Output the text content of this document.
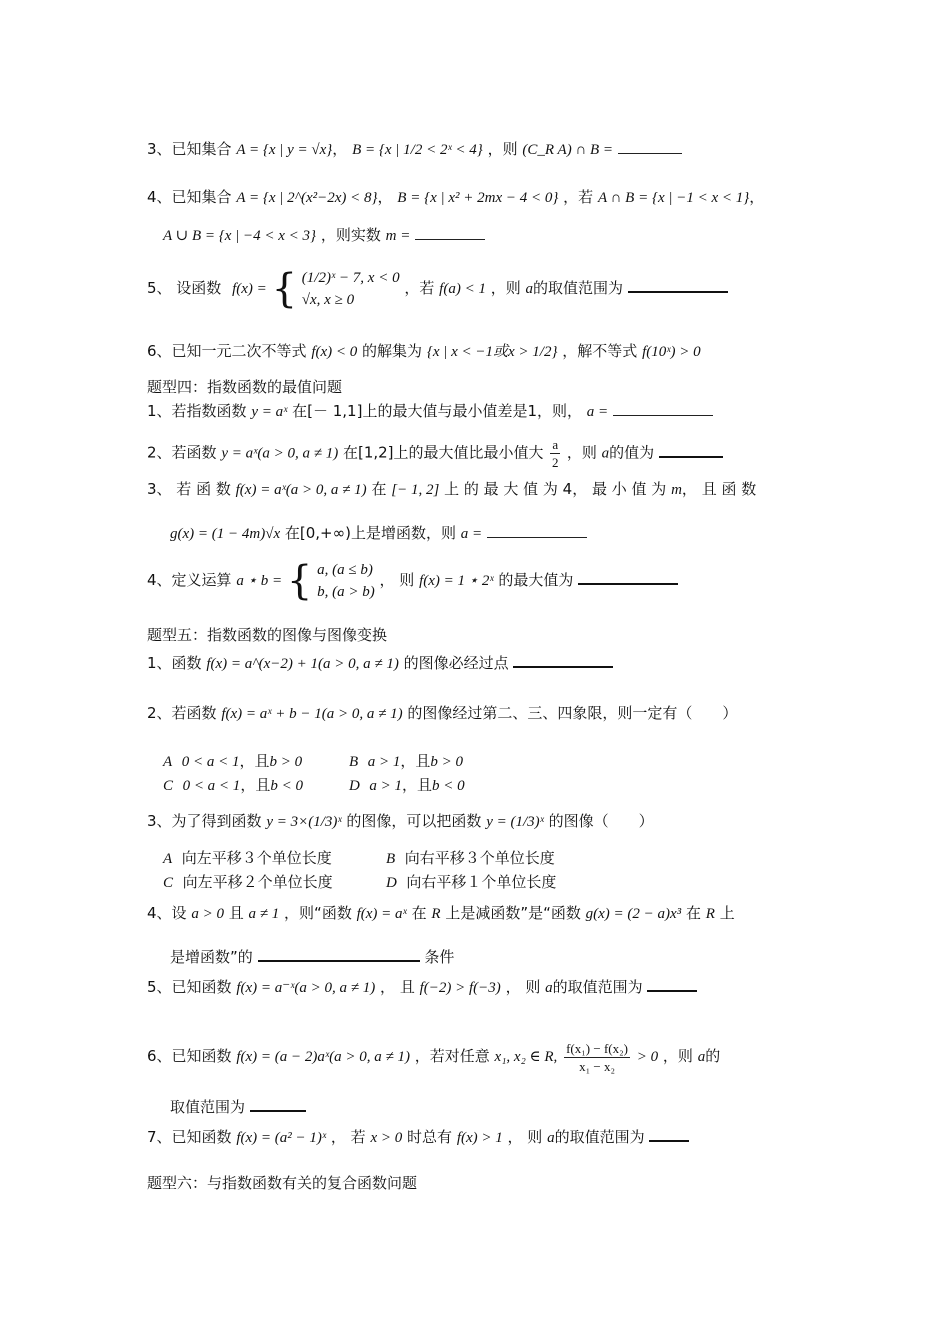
3、已知集合 A = {x | y = √x}， B = {x | 1/2 < 2ˣ < 4} ，则 (C_R A) ∩ B =
4、已知集合 A = {x | 2^(x²−2x) < 8}， B = {x | x² + 2mx − 4 < 0} ，若 A ∩ B = {x | −1 < x < 1}，
A ∪ B = {x | −4 < x < 3} ，则实数 m =
5、 设函数 f(x) = { (1/2)ˣ − 7, x < 0
√x, x ≥ 0
，若 f(a) < 1 ，则 a的取值范围为
6、已知一元二次不等式 f(x) < 0 的解集为 {x | x < −1或x > 1/2} ，解不等式 f(10ˣ) > 0
题型四：指数函数的最值问题
1、若指数函数 y = aˣ 在[－ 1,1]上的最大值与最小值差是1，则， a =
2、若函数 y = aˣ(a > 0, a ≠ 1) 在[1,2]上的最大值比最小值大 $\frac{a}{2}$ ，则 a的值为
3、 若 函 数 f(x) = aˣ(a > 0, a ≠ 1) 在 [− 1, 2] 上 的 最 大 值 为 4， 最 小 值 为 m， 且 函 数
g(x) = (1 − 4m)√x 在[0,+∞)上是增函数，则 a =
4、定义运算 a ⋆ b = { a, (a ≤ b)
b, (a > b)
， 则 f(x) = 1 ⋆ 2ˣ 的最大值为
题型五：指数函数的图像与图像变换
1、函数 f(x) = a^(x−2) + 1(a > 0, a ≠ 1) 的图像必经过点
2、若函数 f(x) = aˣ + b − 1(a > 0, a ≠ 1) 的图像经过第二、三、四象限，则一定有（　　）
A 0 < a < 1，且b > 0	B a > 1，且b > 0
C 0 < a < 1，且b < 0	D a > 1，且b < 0
3、为了得到函数 y = 3×(1/3)ˣ 的图像，可以把函数 y = (1/3)ˣ 的图像（　　）
A 向左平移３个单位长度	B 向右平移３个单位长度
C 向左平移２个单位长度	D 向右平移１个单位长度
4、设 a > 0 且 a ≠ 1 ，则“函数 f(x) = aˣ 在 R 上是减函数”是“函数 g(x) = (2 − a)x³ 在 R 上
是增函数”的	条件
5、已知函数 f(x) = a⁻ˣ(a > 0, a ≠ 1) ， 且 f(−2) > f(−3) ， 则 a的取值范围为
6、已知函数 f(x) = (a − 2)aˣ(a > 0, a ≠ 1) ，若对任意 x₁, x₂ ∈ R, $\frac{\text{f(x₁) − f(x₂)}}{\text{x₁ − x₂}} > 0$ ，则 a的
取值范围为
7、已知函数 f(x) = (a² − 1)ˣ ， 若 x > 0 时总有 f(x) > 1 ， 则 a的取值范围为
题型六：与指数函数有关的复合函数问题
